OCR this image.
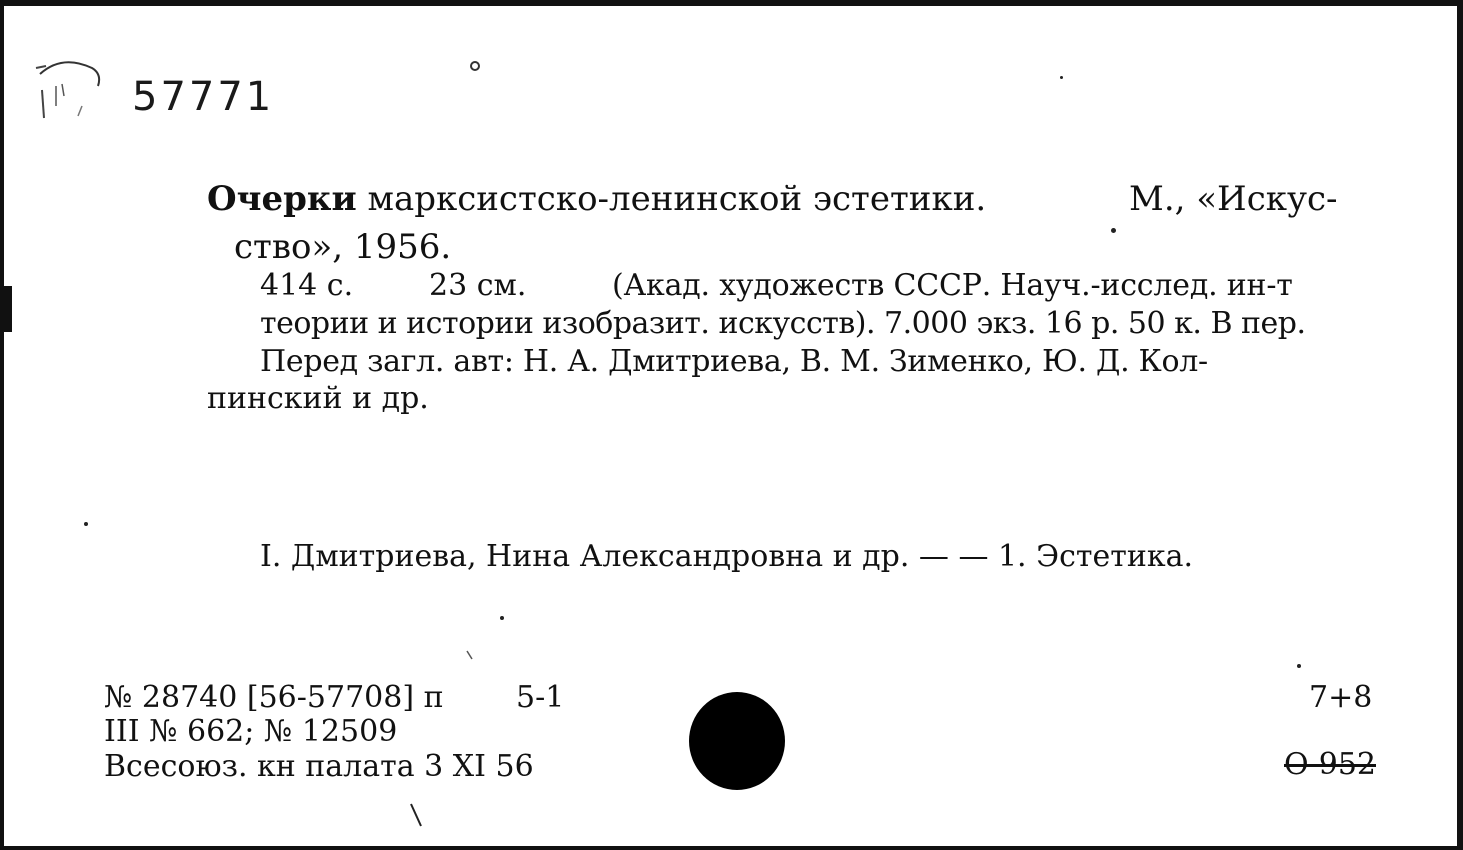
57771
Очерки марксистско-ленинской эстетики.	М., «Искус-
ство», 1956.
414 с.	23 см.	(Акад. художеств СССР. Науч.-исслед. ин-т
теории и истории изобразит. искусств). 7.000 экз. 16 р. 50 к. В пер.
Перед загл. авт: Н. А. Дмитриева, В. М. Зименко, Ю. Д. Кол-
пинский и др.
I. Дмитриева, Нина Александровна и др. — — 1. Эстетика.
№ 28740 [56-57708] п 5-1
III № 662; № 12509
Всесоюз. кн палата 3 XI 56
7+8
О-952
